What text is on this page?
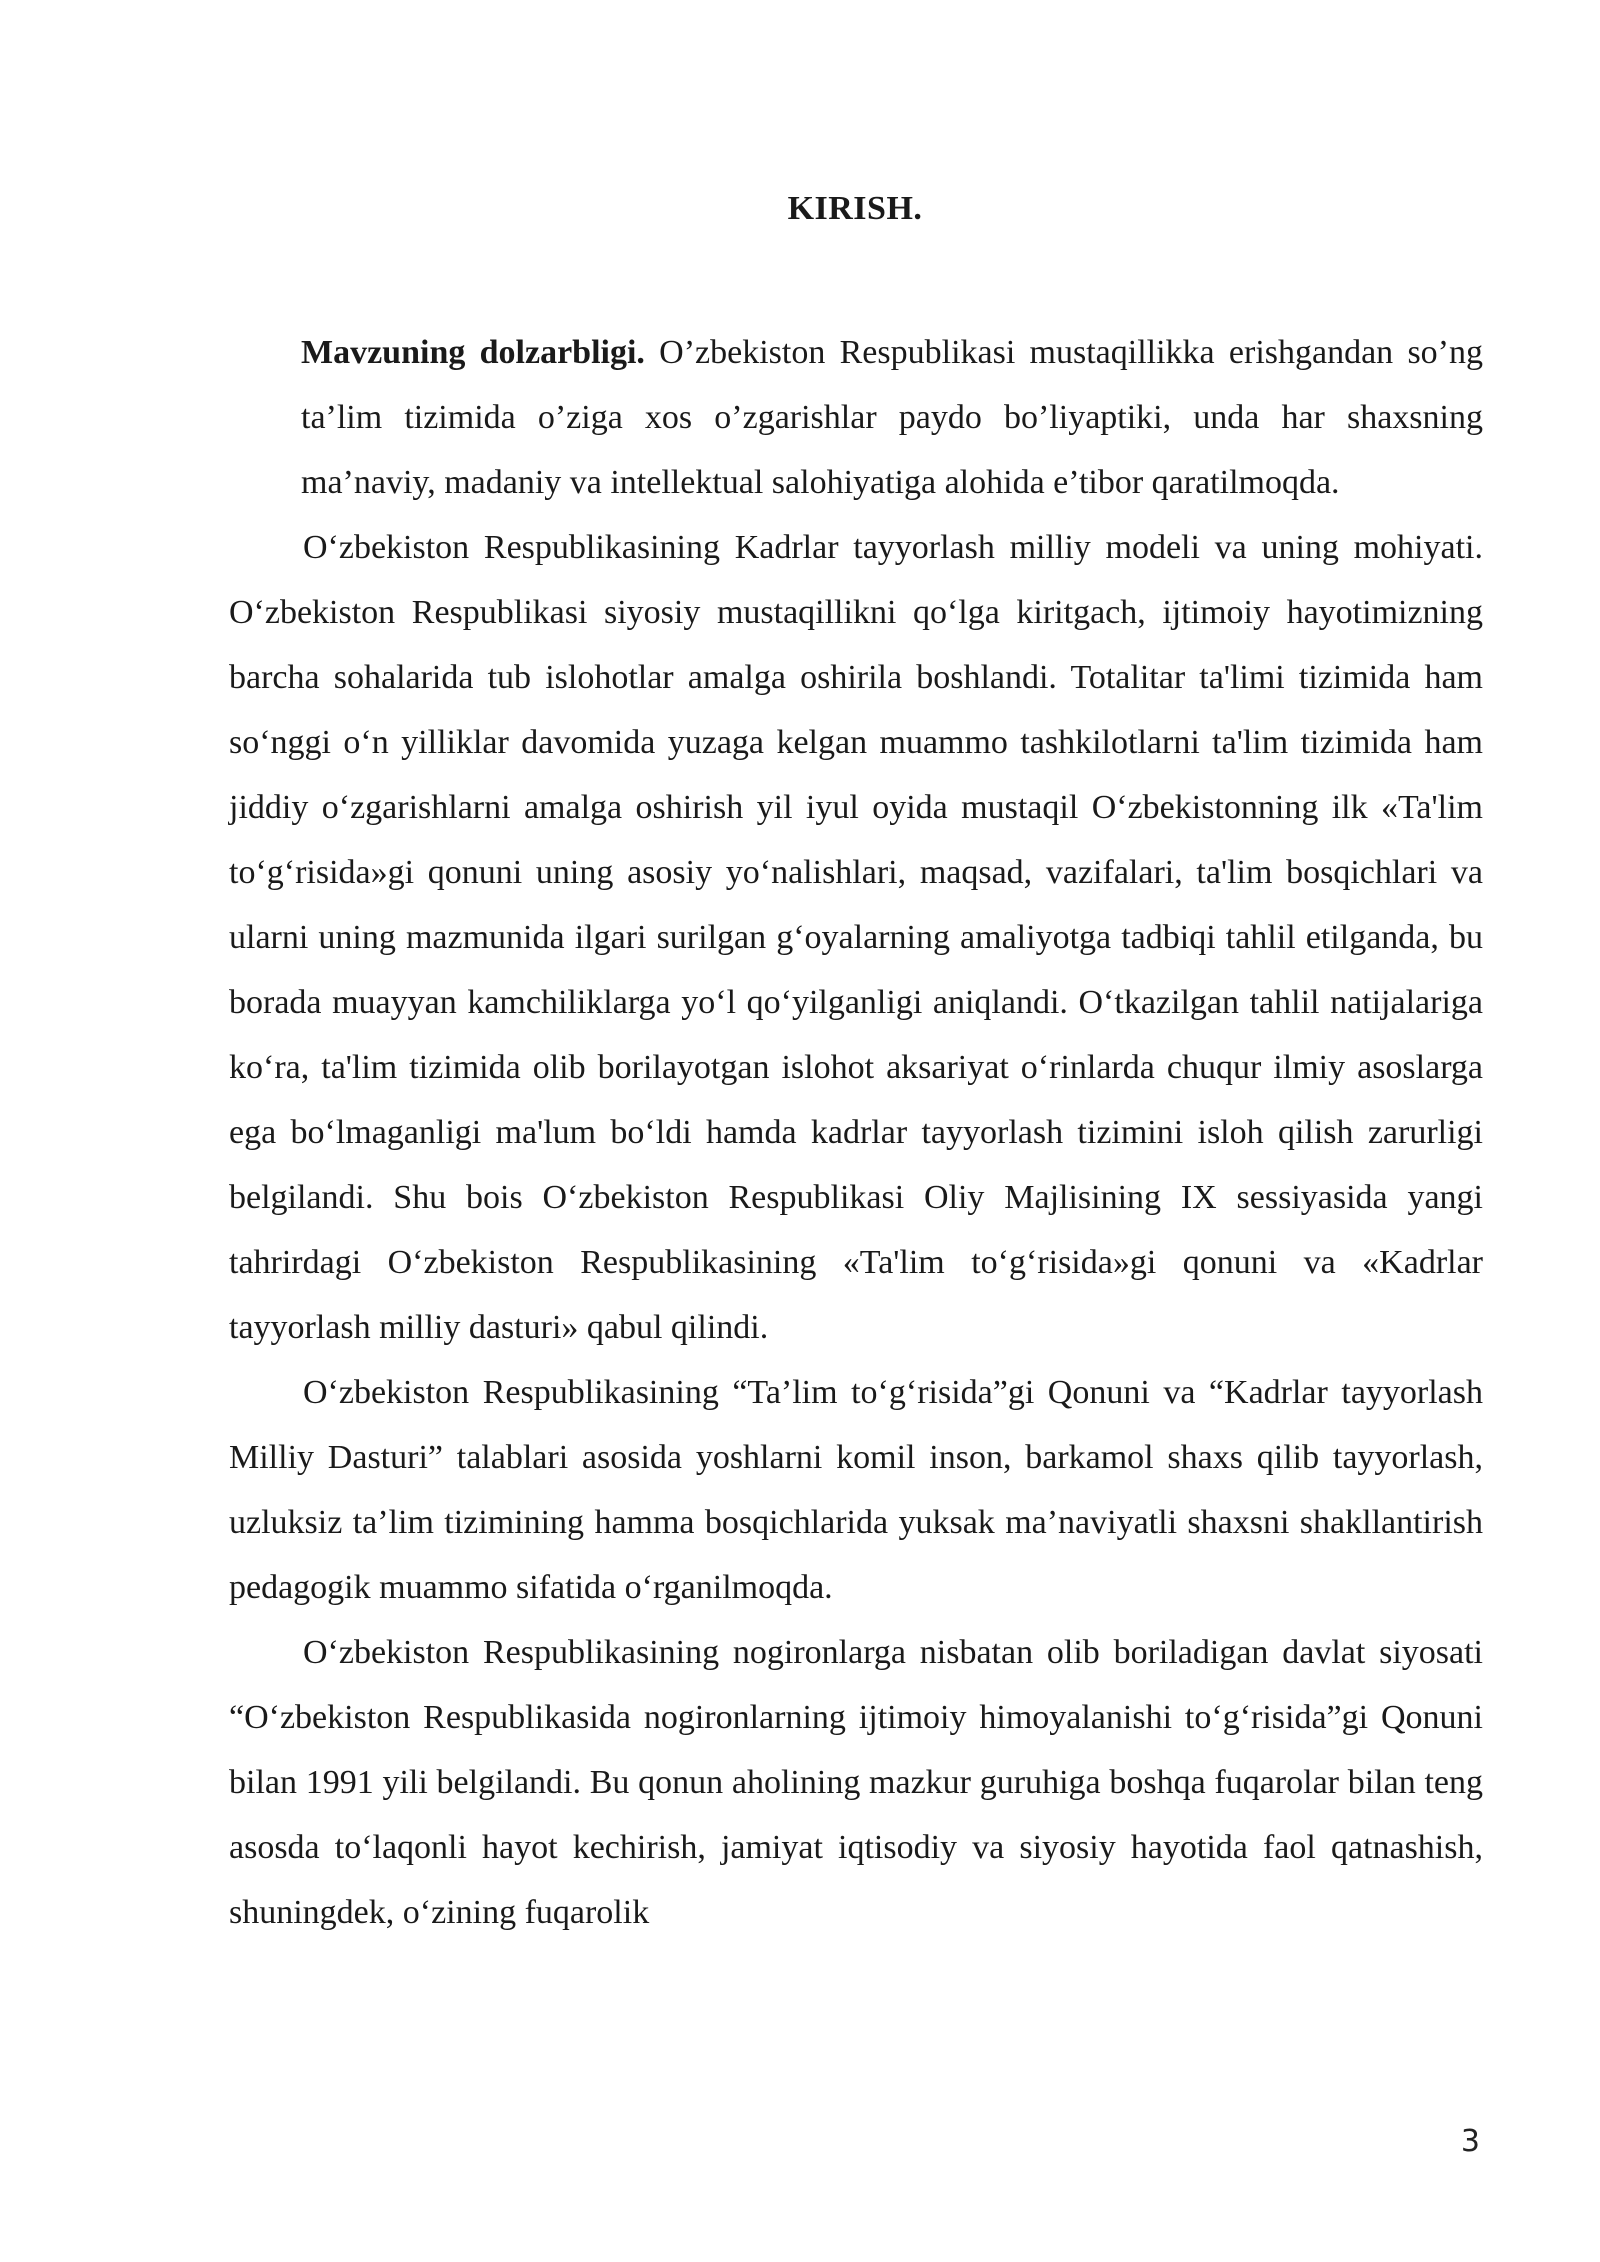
KIRISH.

Mavzuning dolzarbligi. O’zbekiston Respublikasi mustaqillikka erishgandan so’ng ta’lim tizimida o’ziga xos o’zgarishlar paydo bo’liyaptiki, unda har shaxsning ma’naviy, madaniy va intellektual salohiyatiga alohida e’tibor qaratilmoqda.

O‘zbekiston Respublikasining Kadrlar tayyorlash milliy modeli va uning mohiyati. O‘zbekiston Respublikasi siyosiy mustaqillikni qo‘lga kiritgach, ijtimoiy hayotimizning barcha sohalarida tub islohotlar amalga oshirila boshlandi. Totalitar ta'limi tizimida ham so‘nggi o‘n yilliklar davomida yuzaga kelgan muammo tashkilotlarni ta'lim tizimida ham jiddiy o‘zgarishlarni amalga oshirish yil iyul oyida mustaqil O‘zbekistonning ilk «Ta'lim to‘g‘risida»gi qonuni uning asosiy yo‘nalishlari, maqsad, vazifalari, ta'lim bosqichlari va ularni uning mazmunida ilgari surilgan g‘oyalarning amaliyotga tadbiqi tahlil etilganda, bu borada muayyan kamchiliklarga yo‘l qo‘yilganligi aniqlandi. O‘tkazilgan tahlil natijalariga ko‘ra, ta'lim tizimida olib borilayotgan islohot aksariyat o‘rinlarda chuqur ilmiy asoslarga ega bo‘lmaganligi ma'lum bo‘ldi hamda kadrlar tayyorlash tizimini isloh qilish zarurligi belgilandi. Shu bois O‘zbekiston Respublikasi Oliy Majlisining IX sessiyasida yangi tahrirdagi O‘zbekiston Respublikasining «Ta'lim to‘g‘risida»gi qonuni va «Kadrlar tayyorlash milliy dasturi» qabul qilindi.

O‘zbekiston Respublikasining “Ta’lim to‘g‘risida”gi Qonuni va “Kadrlar tayyorlash Milliy Dasturi” talablari asosida yoshlarni komil inson, barkamol shaxs qilib tayyorlash, uzluksiz ta’lim tizimining hamma bosqichlarida yuksak ma’naviyatli shaxsni shakllantirish pedagogik muammo sifatida o‘rganilmoqda.

O‘zbekiston Respublikasining nogironlarga nisbatan olib boriladigan davlat siyosati “O‘zbekiston Respublikasida nogironlarning ijtimoiy himoyalanishi to‘g‘risida”gi Qonuni bilan 1991 yili belgilandi. Bu qonun aholining mazkur guruhiga boshqa fuqarolar bilan teng asosda to‘laqonli hayot kechirish, jamiyat iqtisodiy va siyosiy hayotida faol qatnashish, shuningdek, o‘zining fuqarolik

3
